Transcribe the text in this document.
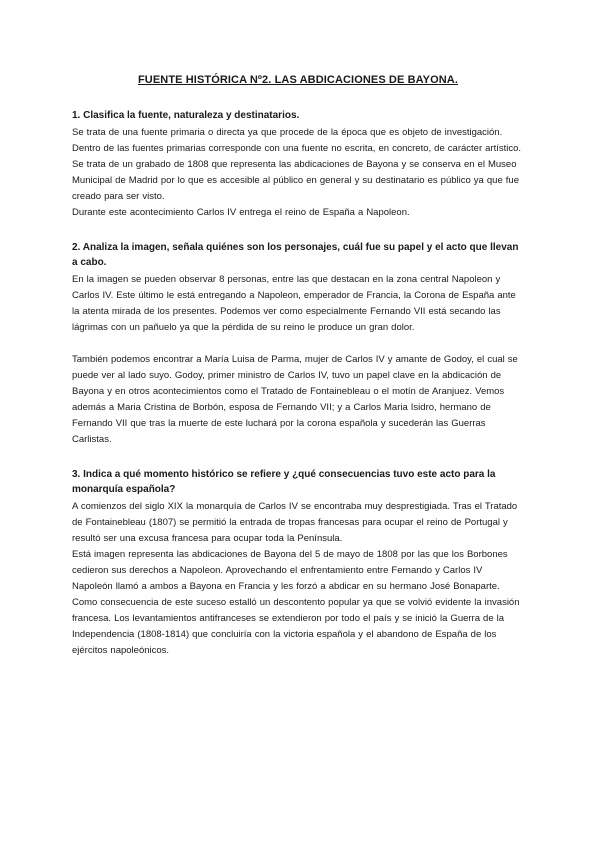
FUENTE HISTÓRICA Nº2. LAS ABDICACIONES DE BAYONA.
1. Clasifica la fuente, naturaleza y destinatarios.

Se trata de una fuente primaria o directa ya que procede de la época que es objeto de investigación. Dentro de las fuentes primarias corresponde con una fuente no escrita, en concreto, de carácter artístico.

Se trata de un grabado de 1808 que representa las abdicaciones de Bayona y se conserva en el Museo Municipal de Madrid por lo que es accesible al público en general y su destinatario es público ya que fue creado para ser visto.

Durante este acontecimiento Carlos IV entrega el reino de España a Napoleon.

2. Analiza la imagen, señala quiénes son los personajes, cuál fue su papel y el acto que llevan a cabo.

En la imagen se pueden observar 8 personas, entre las que destacan en la zona central Napoleon y Carlos IV. Este último le está entregando a Napoleon, emperador de Francia, la Corona de España ante la atenta mirada de los presentes. Podemos ver como especialmente Fernando VII está secando las lágrimas con un pañuelo ya que la pérdida de su reino le produce un gran dolor.

También podemos encontrar a María Luisa de Parma, mujer de Carlos IV y amante de Godoy, el cual se puede ver al lado suyo. Godoy, primer ministro de Carlos IV, tuvo un papel clave en la abdicación de Bayona y en otros acontecimientos como el Tratado de Fontainebleau o el motín de Aranjuez. Vemos además a Maria Cristina de Borbón, esposa de Fernando VII; y a Carlos Maria Isidro, hermano de Fernando VII que tras la muerte de este luchará por la corona española y sucederán las Guerras Carlistas.

3. Indica a qué momento histórico se refiere y ¿qué consecuencias tuvo este acto para la monarquía española?

A comienzos del siglo XIX la monarquía de Carlos IV se encontraba muy desprestigiada. Tras el Tratado de Fontainebleau (1807) se permitió la entrada de tropas francesas para ocupar el reino de Portugal y resultó ser una excusa francesa para ocupar toda la Península.

Está imagen representa las abdicaciones de Bayona del 5 de mayo de 1808 por las que los Borbones cedieron sus derechos a Napoleon. Aprovechando el enfrentamiento entre Fernando y Carlos IV Napoleón llamó a ambos a Bayona en Francia y les forzó a abdicar en su hermano José Bonaparte. Como consecuencia de este suceso estalló un descontento popular ya que se volvió evidente la invasión francesa. Los levantamientos antifranceses se extendieron por todo el país y se inició la Guerra de la Independencia (1808-1814) que concluiría con la victoria española y el abandono de España de los ejércitos napoleónicos.
